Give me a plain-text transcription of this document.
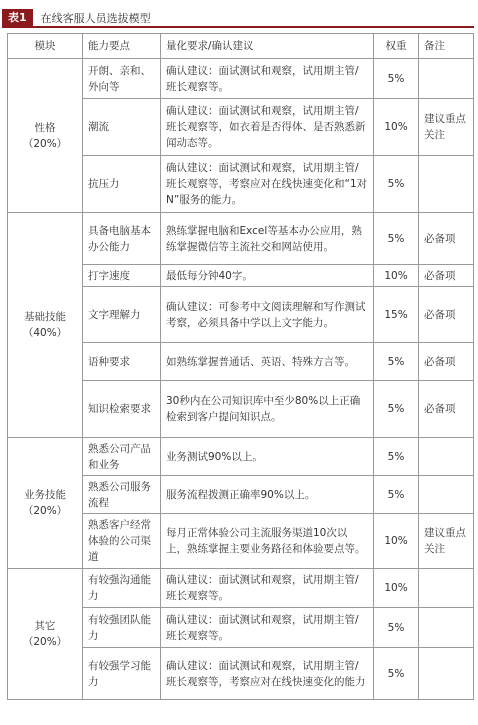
表1	在线客服人员选拔模型
模块	能力要点	量化要求/确认建议	权重	备注

性格
（20%）	开朗、亲和、外向等	确认建议：面试测试和观察，试用期主管/班长观察等。	5%	
	潮流	确认建议：面试测试和观察，试用期主管/班长观察等，如衣着是否得体、是否熟悉新闻动态等。	10%	建议重点关注
	抗压力	确认建议：面试测试和观察，试用期主管/班长观察等，考察应对在线快速变化和“1对N”服务的能力。	5%	

基础技能
（40%）	具备电脑基本办公能力	熟练掌握电脑和Excel等基本办公应用，熟练掌握微信等主流社交和网站使用。	5%	必备项
	打字速度	最低每分钟40字。	10%	必备项
	文字理解力	确认建议：可参考中文阅读理解和写作测试考察，必须具备中学以上文字能力。	15%	必备项
	语种要求	如熟练掌握普通话、英语、特殊方言等。	5%	必备项
	知识检索要求	30秒内在公司知识库中至少80%以上正确检索到客户提问知识点。	5%	必备项

业务技能
（20%）	熟悉公司产品和业务	业务测试90%以上。	5%	
	熟悉公司服务流程	服务流程拨测正确率90%以上。	5%	
	熟悉客户经常体验的公司渠道	每月正常体验公司主流服务渠道10次以上，熟练掌握主要业务路径和体验要点等。	10%	建议重点关注

其它
（20%）	有较强沟通能力	确认建议：面试测试和观察，试用期主管/班长观察等。	10%	
	有较强团队能力	确认建议：面试测试和观察，试用期主管/班长观察等。	5%	
	有较强学习能力	确认建议：面试测试和观察，试用期主管/班长观察等，考察应对在线快速变化的能力	5%	
